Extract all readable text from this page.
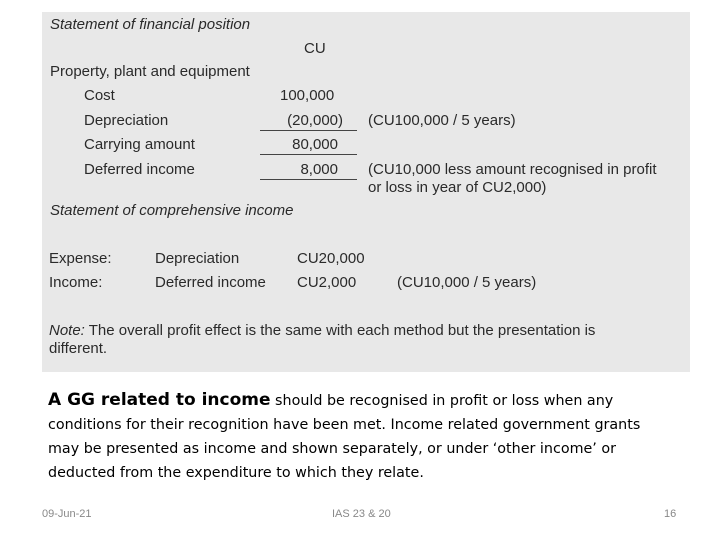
Statement of financial position
CU
Property, plant and equipment
Cost	100,000
Depreciation	(20,000)	(CU100,000 / 5 years)
Carrying amount	80,000
Deferred income	8,000	(CU10,000 less amount recognised in profit
or loss in year of CU2,000)
Statement of comprehensive income
Expense:	Depreciation	CU20,000
Income:	Deferred income CU2,000	(CU10,000 / 5 years)
Note: The overall profit effect is the same with each method but the presentation is
different.
A GG related to income should be recognised in profit or loss when any
conditions for their recognition have been met. Income related government grants
may be presented as income and shown separately, or under ‘other income’ or
deducted from the expenditure to which they relate.
09-Jun-21	IAS 23 & 20	16
